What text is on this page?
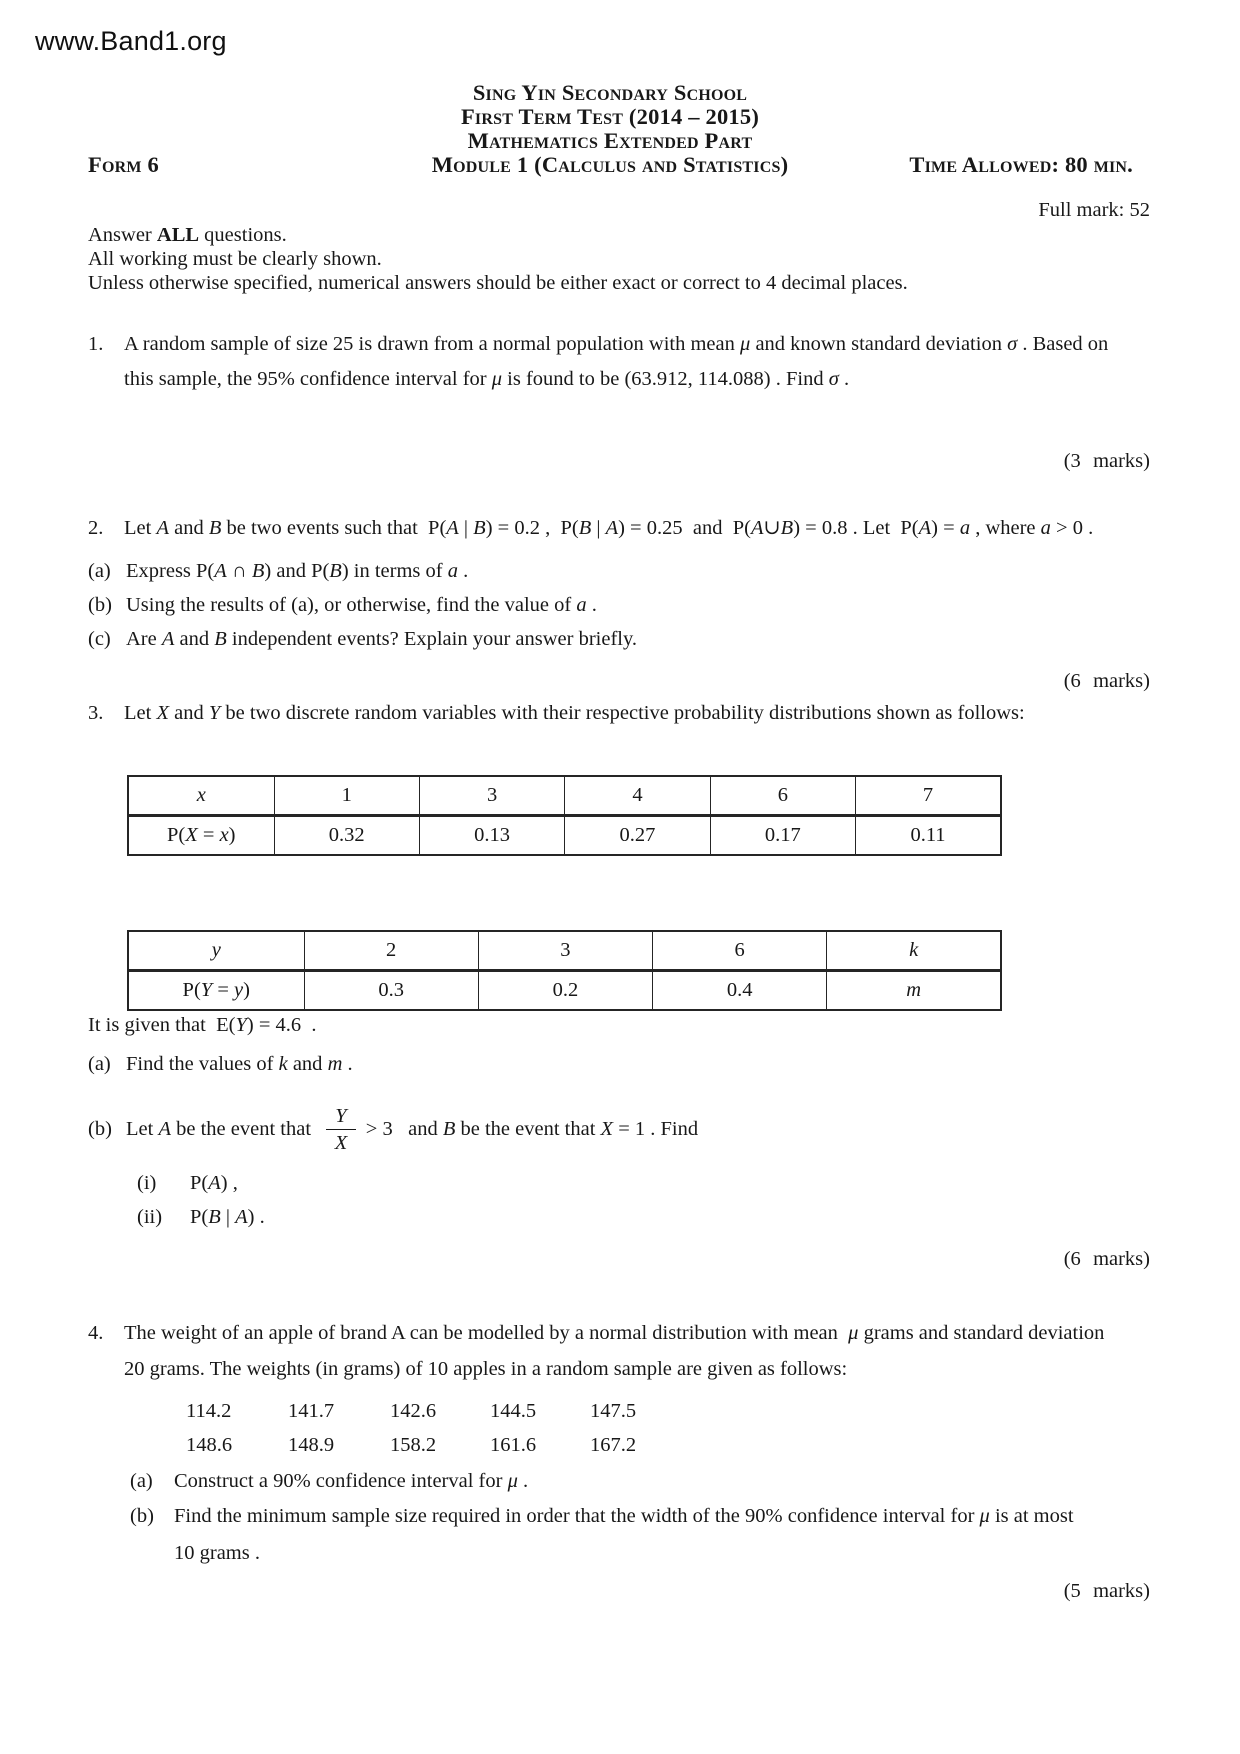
www.Band1.org
Sing Yin Secondary School
First Term Test (2014 – 2015)
Mathematics Extended Part
Form 6	Module 1 (Calculus and Statistics)	Time Allowed: 80 min.
Full mark: 52
Answer ALL questions.
All working must be clearly shown.
Unless otherwise specified, numerical answers should be either exact or correct to 4 decimal places.
1. A random sample of size 25 is drawn from a normal population with mean μ and known standard deviation σ . Based on
this sample, the 95% confidence interval for μ is found to be (63.912, 114.088) . Find σ .
(3 marks)
2. Let A and B be two events such that  P(A | B) = 0.2 ,  P(B | A) = 0.25  and  P(A∪B) = 0.8 . Let  P(A) = a , where a > 0 .
(a) Express P(A ∩ B) and P(B) in terms of a .
(b) Using the results of (a), or otherwise, find the value of a .
(c) Are A and B independent events? Explain your answer briefly.
(6 marks)
3. Let X and Y be two discrete random variables with their respective probability distributions shown as follows:
x	1	3	4	6	7
P(X = x)	0.32	0.13	0.27	0.17	0.11
y	2	3	6	k
P(Y = y)	0.3	0.2	0.4	m
It is given that  E(Y) = 4.6  .
(a) Find the values of k and m .
(b) Let A be the event that $\frac{Y}{X} > 3$   and B be the event that X = 1 . Find
(i) P(A) ,
(ii) P(B | A) .
(6 marks)
4. The weight of an apple of brand A can be modelled by a normal distribution with mean  μ grams and standard deviation
20 grams. The weights (in grams) of 10 apples in a random sample are given as follows:
114.2	141.7	142.6	144.5	147.5
148.6	148.9	158.2	161.6	167.2
(a) Construct a 90% confidence interval for μ .
(b) Find the minimum sample size required in order that the width of the 90% confidence interval for μ is at most
10 grams .
(5 marks)
